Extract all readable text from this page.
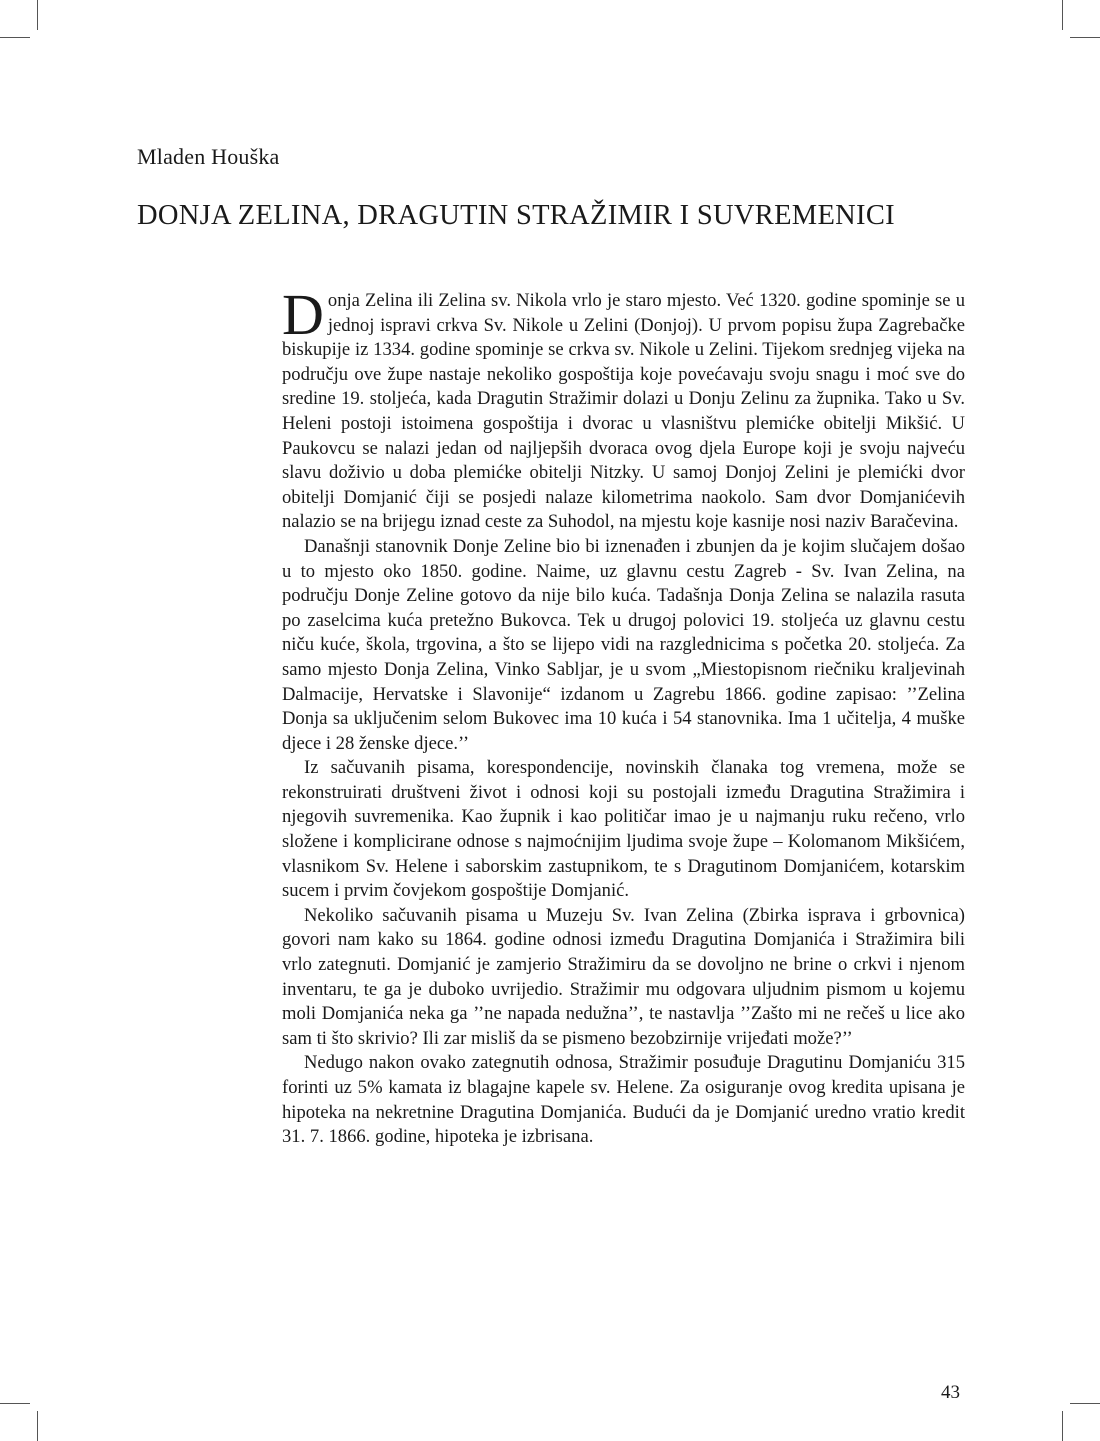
Mladen Houška
DONJA ZELINA, DRAGUTIN STRAŽIMIR I SUVREMENICI

Donja Zelina ili Zelina sv. Nikola vrlo je staro mjesto. Već 1320. godine spominje se u jednoj ispravi crkva Sv. Nikole u Zelini (Donjoj). U prvom popisu župa Zagrebačke biskupije iz 1334. godine spominje se crkva sv. Nikole u Zelini. Tijekom srednjeg vijeka na području ove župe nastaje nekoliko gospoštija koje povećavaju svoju snagu i moć sve do sredine 19. stoljeća, kada Dragutin Stražimir dolazi u Donju Zelinu za župnika. Tako u Sv. Heleni postoji istoimena gospoštija i dvorac u vlasništvu plemićke obitelji Mikšić. U Paukovcu se nalazi jedan od najljepših dvoraca ovog djela Europe koji je svoju najveću slavu doživio u doba plemićke obitelji Nitzky. U samoj Donjoj Zelini je plemićki dvor obitelji Domjanić čiji se posjedi nalaze kilometrima naokolo. Sam dvor Domjanićevih nalazio se na brijegu iznad ceste za Suhodol, na mjestu koje kasnije nosi naziv Baračevina.

Današnji stanovnik Donje Zeline bio bi iznenađen i zbunjen da je kojim slučajem došao u to mjesto oko 1850. godine. Naime, uz glavnu cestu Zagreb - Sv. Ivan Zelina, na području Donje Zeline gotovo da nije bilo kuća. Tadašnja Donja Zelina se nalazila rasuta po zaselcima kuća pretežno Bukovca. Tek u drugoj polovici 19. stoljeća uz glavnu cestu niču kuće, škola, trgovina, a što se lijepo vidi na razglednicima s početka 20. stoljeća. Za samo mjesto Donja Zelina, Vinko Sabljar, je u svom „Miestopisnom riečniku kraljevinah Dalmacije, Hervatske i Slavonije“ izdanom u Zagrebu 1866. godine zapisao: ’’Zelina Donja sa uključenim selom Bukovec ima 10 kuća i 54 stanovnika. Ima 1 učitelja, 4 muške djece i 28 ženske djece.’’

Iz sačuvanih pisama, korespondencije, novinskih članaka tog vremena, može se rekonstruirati društveni život i odnosi koji su postojali između Dragutina Stražimira i njegovih suvremenika. Kao župnik i kao političar imao je u najmanju ruku rečeno, vrlo složene i komplicirane odnose s najmoćnijim ljudima svoje župe – Kolomanom Mikšićem, vlasnikom Sv. Helene i saborskim zastupnikom, te s Dragutinom Domjanićem, kotarskim sucem i prvim čovjekom gospoštije Domjanić.

Nekoliko sačuvanih pisama u Muzeju Sv. Ivan Zelina (Zbirka isprava i grbovnica) govori nam kako su 1864. godine odnosi između Dragutina Domjanića i Stražimira bili vrlo zategnuti. Domjanić je zamjerio Stražimiru da se dovoljno ne brine o crkvi i njenom inventaru, te ga je duboko uvrijedio. Stražimir mu odgovara uljudnim pismom u kojemu moli Domjanića neka ga ’’ne napada nedužna’’, te nastavlja ’’Zašto mi ne rečeš u lice ako sam ti što skrivio? Ili zar misliš da se pismeno bezobzirnije vrijeđati može?’’

Nedugo nakon ovako zategnutih odnosa, Stražimir posuđuje Dragutinu Domjaniću 315 forinti uz 5% kamata iz blagajne kapele sv. Helene. Za osiguranje ovog kredita upisana je hipoteka na nekretnine Dragutina Domjanića. Budući da je Domjanić uredno vratio kredit 31. 7. 1866. godine, hipoteka je izbrisana.

43
